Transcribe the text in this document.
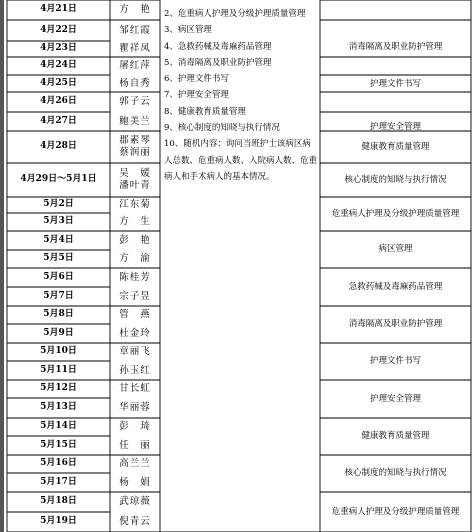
4月21日
4月22日
4月23日
4月24日
4月25日
4月26日
4月27日
4月28日
4月29日～5月1日
5月2日
5月3日
5月4日
5月5日
5月6日
5月7日
5月8日
5月9日
5月10日
5月11日
5月12日
5月13日
5月14日
5月15日
5月16日
5月17日
5月18日
5月19日
方　艳
邹红霞
瞿祥凤
屠红萍
杨自秀
郭子云
鲍美兰
郡素琴
蔡润丽
吴　媛
潘叶青
江东菊
方　生
彭　艳
方　渝
陈桂芳
宗子昱
管　燕
杜金玲
章丽飞
孙玉红
甘长虹
华丽蓉
彭　琦
任　丽
高兰兰
杨　娟
武琼薇
倪青云
2、危重病人护理及分级护理质量管理
3、病区管理
4、急救药械及毒麻药品管理
5、消毒隔离及职业防护管理
6、护理文件书写
7、护理安全管理
8、健康教育质量管理
9、核心制度的知晓与执行情况
10、随机内容：询问当班护士该病区病人总数、危重病人数、入院病人数、危重病人和手术病人的基本情况。
消毒隔离及职业防护管理
护理文件书写
护理安全管理
健康教育质量管理
核心制度的知晓与执行情况
危重病人护理及分级护理质量管理
病区管理
急救药械及毒麻药品管理
消毒隔离及职业防护管理
护理文件书写
护理安全管理
健康教育质量管理
核心制度的知晓与执行情况
危重病人护理及分级护理质量管理
